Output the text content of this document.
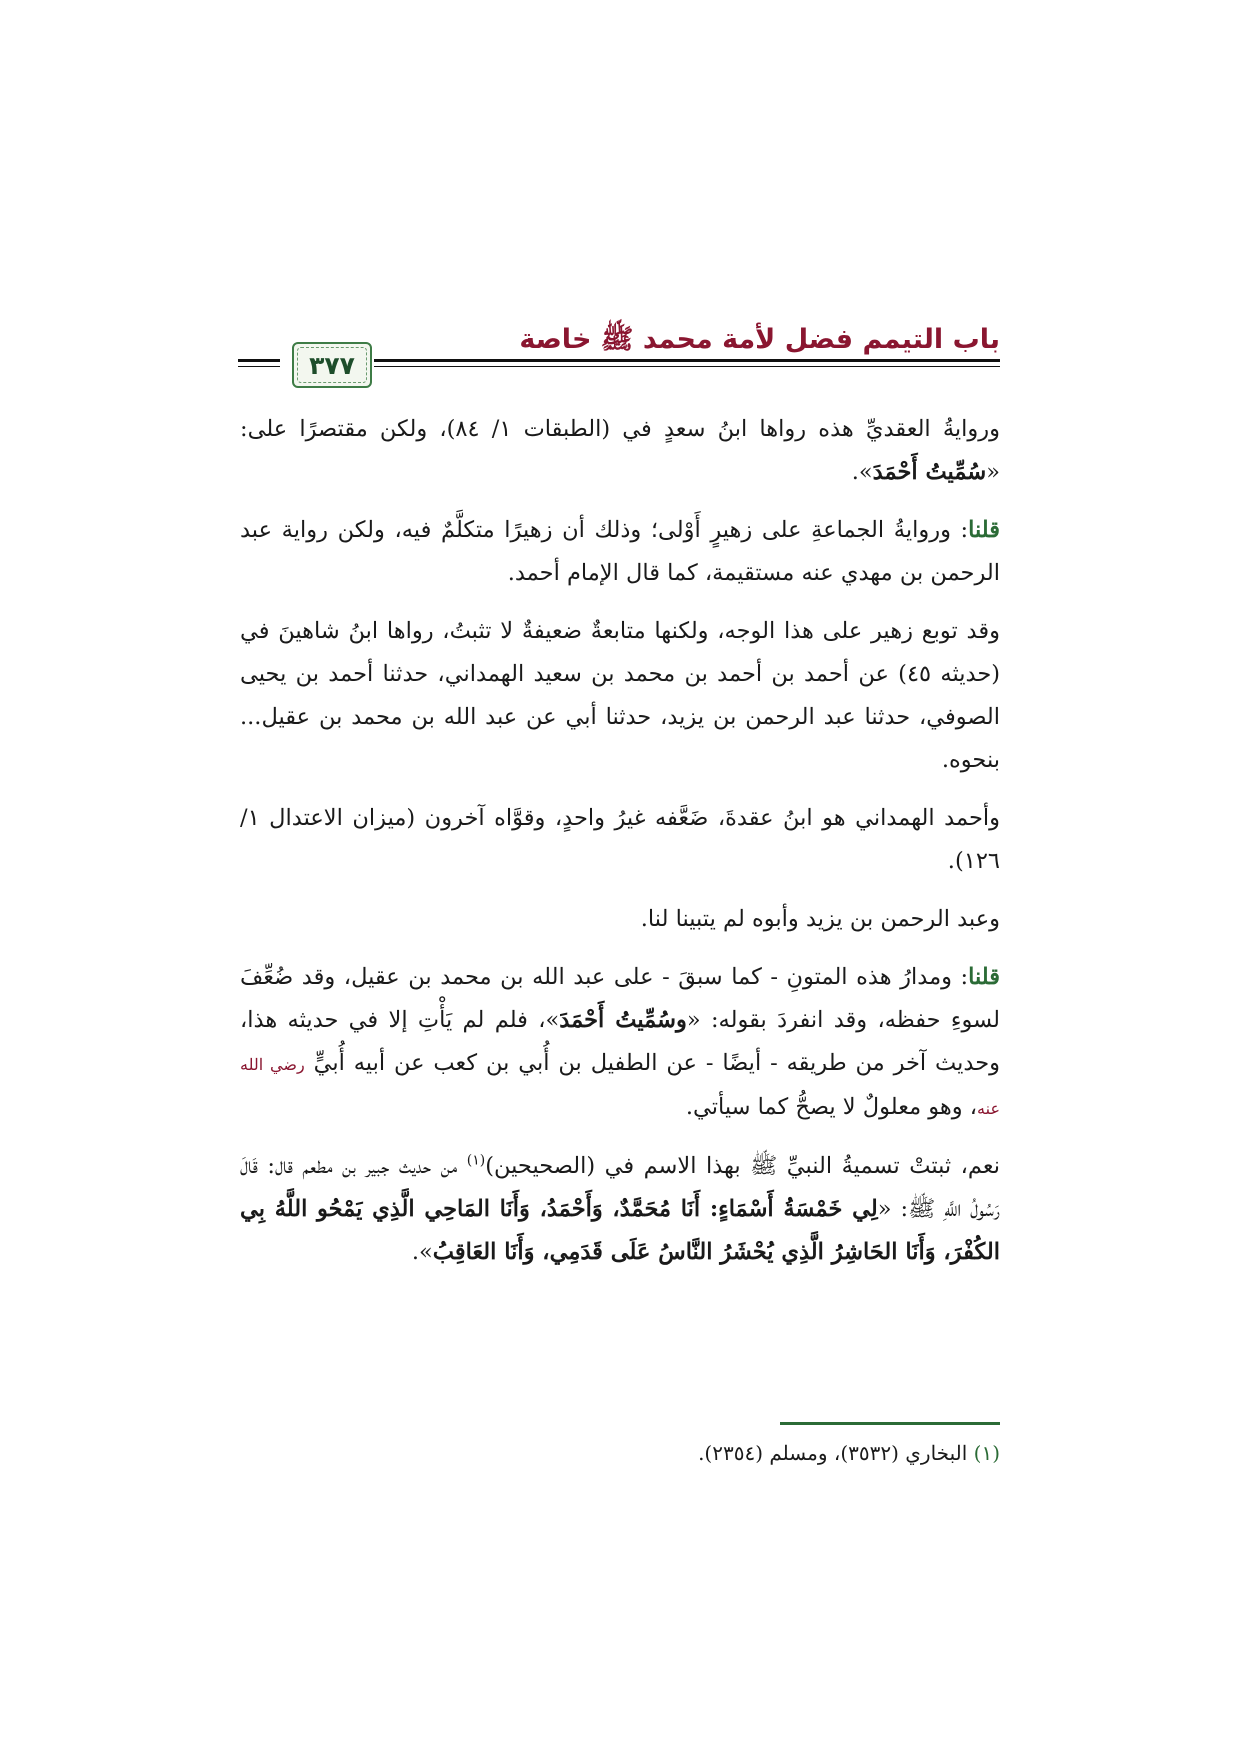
باب التيمم فضل لأمة محمد ﷺ خاصة
٣٧٧

وروايةُ العقديِّ هذه رواها ابنُ سعدٍ في (الطبقات ١/ ٨٤)، ولكن مقتصرًا على: «سُمِّيتُ أَحْمَدَ».

قلنا: وروايةُ الجماعةِ على زهيرٍ أَوْلى؛ وذلك أن زهيرًا متكلَّمٌ فيه، ولكن رواية عبد الرحمن بن مهدي عنه مستقيمة، كما قال الإمام أحمد.

وقد توبع زهير على هذا الوجه، ولكنها متابعةٌ ضعيفةٌ لا تثبتُ، رواها ابنُ شاهينَ في (حديثه ٤٥) عن أحمد بن أحمد بن محمد بن سعيد الهمداني، حدثنا أحمد بن يحيى الصوفي، حدثنا عبد الرحمن بن يزيد، حدثنا أبي عن عبد الله بن محمد بن عقيل... بنحوه.

وأحمد الهمداني هو ابنُ عقدةَ، ضَعَّفه غيرُ واحدٍ، وقوَّاه آخرون (ميزان الاعتدال ١/ ١٢٦).

وعبد الرحمن بن يزيد وأبوه لم يتبينا لنا.

قلنا: ومدارُ هذه المتونِ - كما سبقَ - على عبد الله بن محمد بن عقيل، وقد ضُعِّفَ لسوءِ حفظه، وقد انفردَ بقوله: «وسُمِّيتُ أَحْمَدَ»، فلم لم يَأْتِ إلا في حديثه هذا، وحديث آخر من طريقه - أيضًا - عن الطفيل بن أُبي بن كعب عن أبيه أُبيٍّ رضي الله عنه، وهو معلولٌ لا يصحُّ كما سيأتي.

نعم، ثبتتْ تسميةُ النبيِّ ﷺ بهذا الاسم في (الصحيحين)$^{(١)}$ من حديث جبير بن مطعم قال: قَالَ رَسُولُ اللَّهِ ﷺ: «لِي خَمْسَةُ أَسْمَاءٍ: أَنَا مُحَمَّدٌ، وَأَحْمَدُ، وَأَنَا المَاحِي الَّذِي يَمْحُو اللَّهُ بِي الكُفْرَ، وَأَنَا الحَاشِرُ الَّذِي يُحْشَرُ النَّاسُ عَلَى قَدَمِي، وَأَنَا العَاقِبُ».

(١) البخاري (٣٥٣٢)، ومسلم (٢٣٥٤).
